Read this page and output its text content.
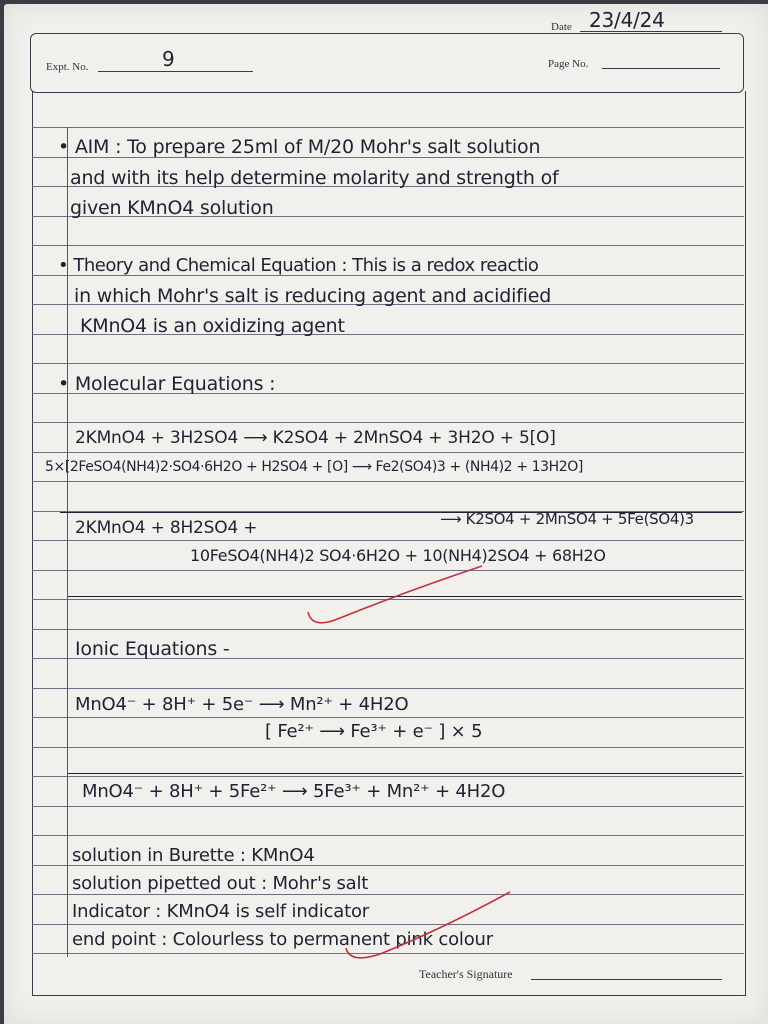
Date 23/4/24
Expt. No.	9	Page No.
• AIM : To prepare 25ml of M/20 Mohr's salt solution
and with its help determine molarity and strength of
given KMnO4 solution
• Theory and Chemical Equation : This is a redox reactio
in which Mohr's salt is reducing agent and acidified
KMnO4 is an oxidizing agent
• Molecular Equations :
2KMnO4 + 3H2SO4 ⟶ K2SO4 + 2MnSO4 + 3H2O + 5[O]
5×[2FeSO4(NH4)2·SO4·6H2O + H2SO4 + [O] ⟶ Fe2(SO4)3 + (NH4)2 + 13H2O]
2KMnO4 + 8H2SO4 +	⟶ K2SO4 + 2MnSO4 + 5Fe(SO4)3
10FeSO4(NH4)2 SO4·6H2O + 10(NH4)2SO4 + 68H2O
Ionic Equations -
MnO4⁻ + 8H⁺ + 5e⁻ ⟶ Mn²⁺ + 4H2O
[ Fe²⁺ ⟶ Fe³⁺ + e⁻ ] × 5
MnO4⁻ + 8H⁺ + 5Fe²⁺ ⟶ 5Fe³⁺ + Mn²⁺ + 4H2O
solution in Burette : KMnO4
solution pipetted out : Mohr's salt
Indicator : KMnO4 is self indicator
end point : Colourless to permanent pink colour
Teacher's Signature
